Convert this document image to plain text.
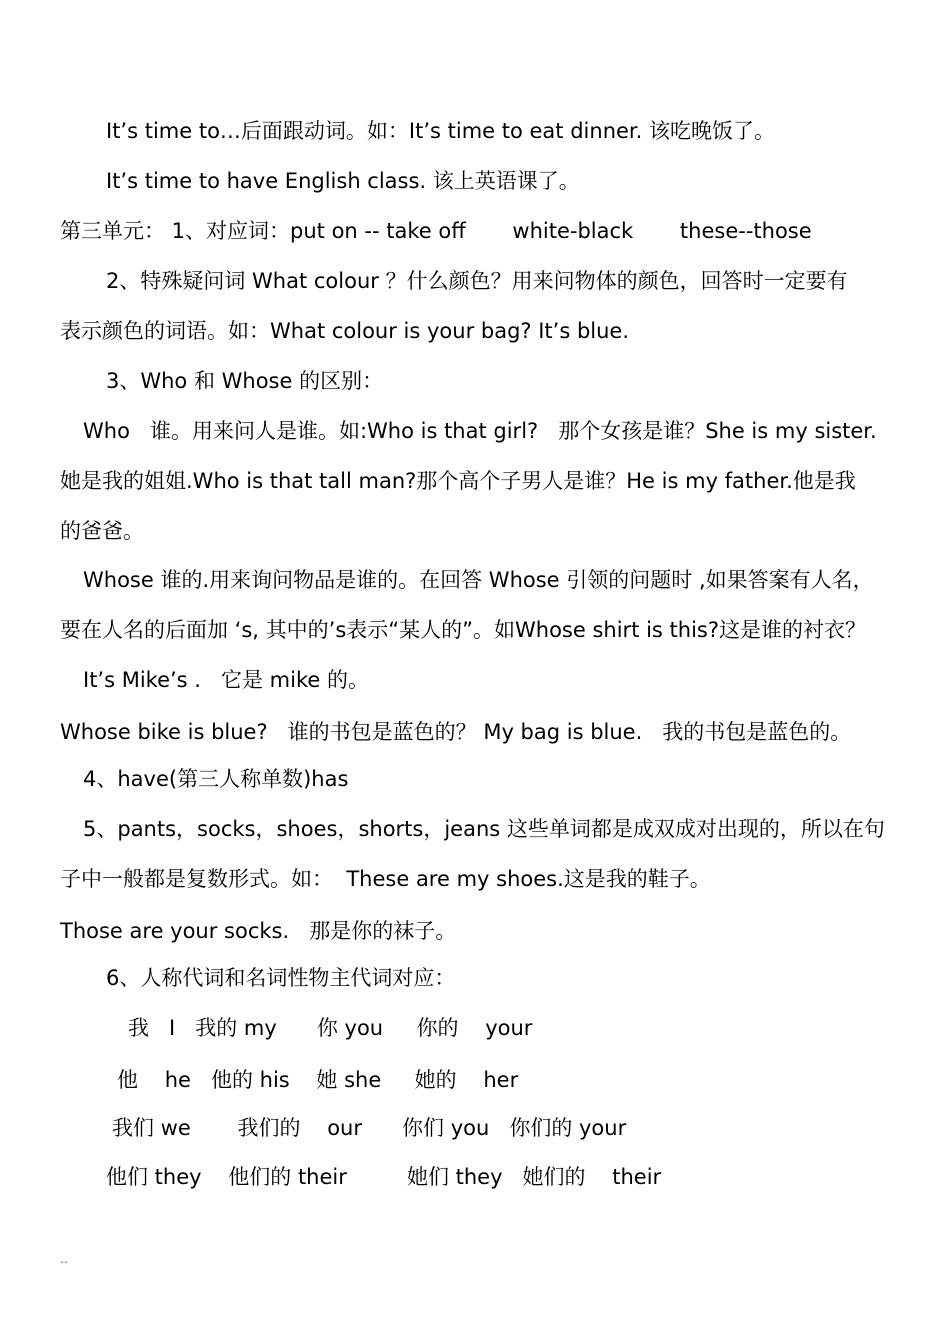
It’s time to…后面跟动词。如：It’s time to eat dinner. 该吃晚饭了。
It’s time to have English class. 该上英语课了。
第三单元： 1、对应词：put on -- take off       white-black       these--those
2、特殊疑问词 What colour ？什么颜色？用来问物体的颜色，回答时一定要有
表示颜色的词语。如：What colour is your bag? It’s blue.
3、Who 和 Whose 的区别：
Who   谁。用来问人是谁。如:Who is that girl?   那个女孩是谁？She is my sister.
她是我的姐姐.Who is that tall man?那个高个子男人是谁？He is my father.他是我
的爸爸。
Whose 谁的.用来询问物品是谁的。在回答 Whose 引领的问题时 ,如果答案有人名，
要在人名的后面加 ‘s, 其中的’s表示“某人的”。如Whose shirt is this?这是谁的衬衣？
It’s Mike’s .   它是 mike 的。
Whose bike is blue?   谁的书包是蓝色的？ My bag is blue.   我的书包是蓝色的。
4、have(第三人称单数)has
5、pants，socks，shoes，shorts，jeans 这些单词都是成双成对出现的，所以在句
子中一般都是复数形式。如：  These are my shoes.这是我的鞋子。
Those are your socks.   那是你的袜子。
6、人称代词和名词性物主代词对应：
我   I   我的 my      你 you     你的    your
他    he   他的 his    她 she     她的    her
我们 we       我们的    our      你们 you   你们的 your
他们 they    他们的 their         她们 they   她们的    their
‥
